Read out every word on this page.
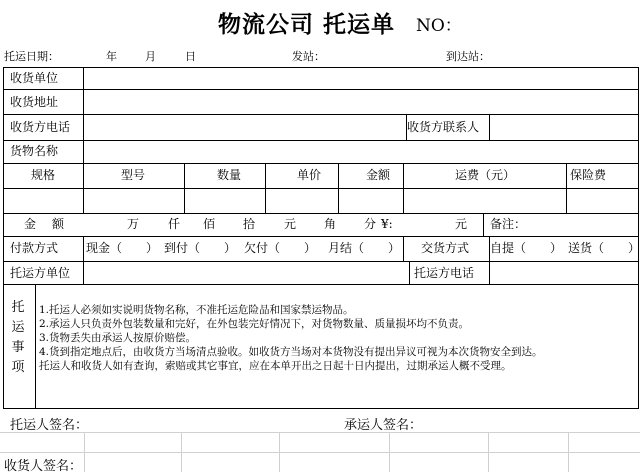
物流公司 托运单 NO：
托运日期：	年	月	日	发站：	到达站：
收货单位
收货地址
收货方电话	收货方联系人
货物名称
规格	型号	数量	单价	金额	运费（元）	保险费
金　额	万 仟 佰 拾 元 角 分 ¥:	元 备注：
付款方式 现金（　　） 到付（　　） 欠付（　　） 月结（　　） 交货方式 自提（　　） 送货（　　）
托运方单位	托运方电话
托
运
事
项
1.托运人必须如实说明货物名称，不准托运危险品和国家禁运物品。
2.承运人只负责外包装数量和完好，在外包装完好情况下，对货物数量、质量损坏均不负责。
3.货物丢失由承运人按原价赔偿。
4.货到指定地点后，由收货方当场清点验收。如收货方当场对本货物没有提出异议可视为本次货物安全到达。
托运人和收货人如有查询，索赔或其它事宜，应在本单开出之日起十日内提出，过期承运人概不受理。
托运人签名：	承运人签名：
收货人签名：
